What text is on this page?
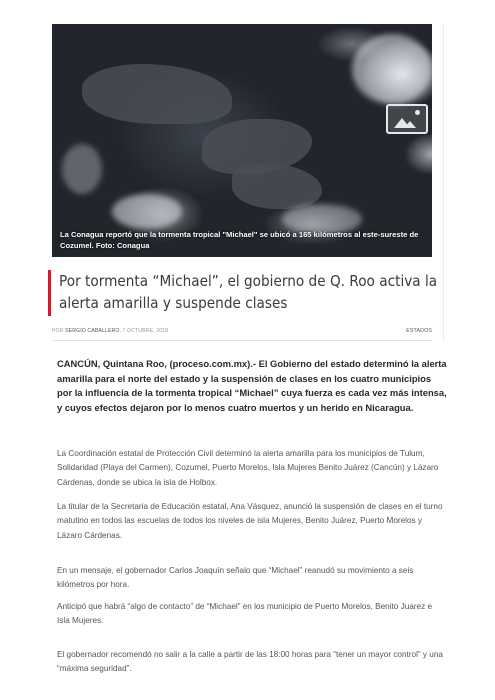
La Conagua reportó que la tormenta tropical "Michael" se ubicó a 165 kilómetros al este-sureste de Cozumel. Foto: Conagua
Por tormenta “Michael”, el gobierno de Q. Roo activa la alerta amarilla y suspende clases
POR SERGIO CABALLERO, 7 OCTUBRE, 2018	ESTADOS

CANCÚN, Quintana Roo, (proceso.com.mx).- El Gobierno del estado determinó la alerta amarilla para el norte del estado y la suspensión de clases en los cuatro municipios por la influencia de la tormenta tropical “Michael” cuya fuerza es cada vez más intensa, y cuyos efectos dejaron por lo menos cuatro muertos y un herido en Nicaragua.

La Coordinación estatal de Protección Civil determinó la alerta amarilla para los municipios de Tulum, Solidaridad (Playa del Carmen), Cozumel, Puerto Morelos, Isla Mujeres Benito Juárez (Cancún) y Lázaro Cárdenas, donde se ubica la isla de Holbox.

La titular de la Secretaria de Educación estatal, Ana Vásquez, anunció la suspensión de clases en el turno matutino en todos las escuelas de todos los niveles de isla Mujeres, Benito Juárez, Puerto Morelos y Lázaro Cárdenas.

En un mensaje, el gobernador Carlos Joaquín señalo que “Michael” reanudó su movimiento a seis kilómetros por hora.

Anticipó que habrá “algo de contacto” de “Michael” en los municipio de Puerto Morelos, Benito Juarez e Isla Mujeres.

El gobernador recomendó no salir a la calle a partir de las 18:00 horas para “tener un mayor control” y una “máxima seguridad”.
